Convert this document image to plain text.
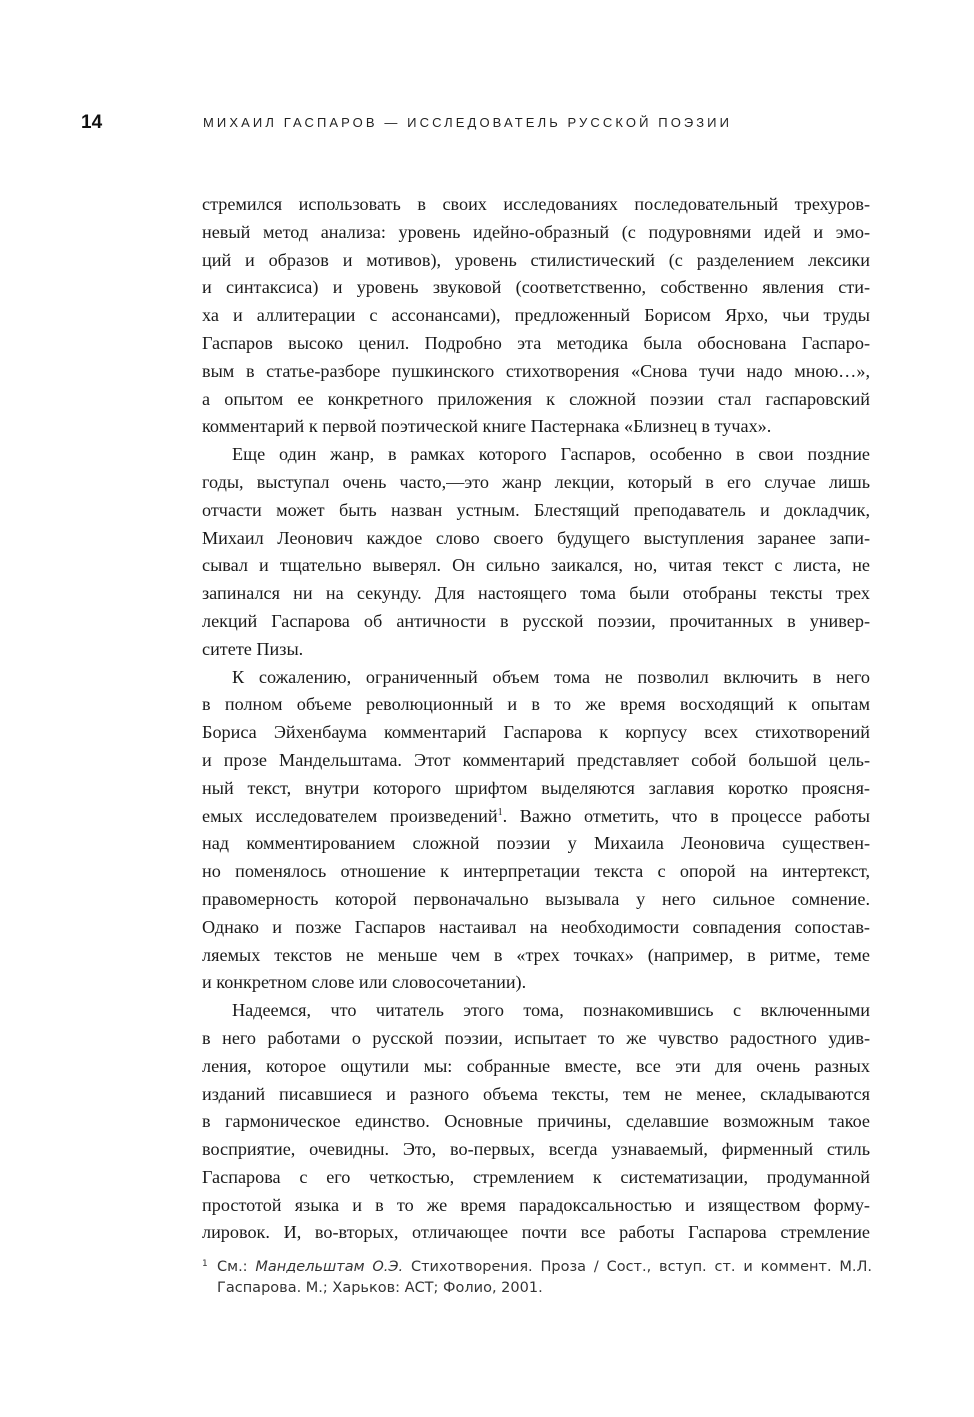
14	МИХАИЛ ГАСПАРОВ — ИССЛЕДОВАТЕЛЬ РУССКОЙ ПОЭЗИИ
стремился использовать в своих исследованиях последовательный трехуров-
невый метод анализа: уровень идейно-образный (с подуровнями идей и эмо-
ций и образов и мотивов), уровень стилистический (с разделением лексики
и синтаксиса) и уровень звуковой (соответственно, собственно явления сти-
ха и аллитерации с ассонансами), предложенный Борисом Ярхо, чьи труды
Гаспаров высоко ценил. Подробно эта методика была обоснована Гаспаро-
вым в статье-разборе пушкинского стихотворения «Снова тучи надо мною…»,
а опытом ее конкретного приложения к сложной поэзии стал гаспаровский
комментарий к первой поэтической книге Пастернака «Близнец в тучах».
Еще один жанр, в рамках которого Гаспаров, особенно в свои поздние
годы, выступал очень часто,—это жанр лекции, который в его случае лишь
отчасти может быть назван устным. Блестящий преподаватель и докладчик,
Михаил Леонович каждое слово своего будущего выступления заранее запи-
сывал и тщательно выверял. Он сильно заикался, но, читая текст с листа, не
запинался ни на секунду. Для настоящего тома были отобраны тексты трех
лекций Гаспарова об античности в русской поэзии, прочитанных в универ-
ситете Пизы.
К сожалению, ограниченный объем тома не позволил включить в него
в полном объеме революционный и в то же время восходящий к опытам
Бориса Эйхенбаума комментарий Гаспарова к корпусу всех стихотворений
и прозе Мандельштама. Этот комментарий представляет собой большой цель-
ный текст, внутри которого шрифтом выделяются заглавия коротко проясня-
емых исследователем произведений$^1$. Важно отметить, что в процессе работы
над комментированием сложной поэзии у Михаила Леоновича существен-
но поменялось отношение к интерпретации текста с опорой на интертекст,
правомерность которой первоначально вызывала у него сильное сомнение.
Однако и позже Гаспаров настаивал на необходимости совпадения сопостав-
ляемых текстов не меньше чем в «трех точках» (например, в ритме, теме
и конкретном слове или словосочетании).
Надеемся, что читатель этого тома, познакомившись с включенными
в него работами о русской поэзии, испытает то же чувство радостного удив-
ления, которое ощутили мы: собранные вместе, все эти для очень разных
изданий писавшиеся и разного объема тексты, тем не менее, складываются
в гармоническое единство. Основные причины, сделавшие возможным такое
восприятие, очевидны. Это, во-первых, всегда узнаваемый, фирменный стиль
Гаспарова с его четкостью, стремлением к систематизации, продуманной
простотой языка и в то же время парадоксальностью и изяществом форму-
лировок. И, во-вторых, отличающее почти все работы Гаспарова стремление
1 См.: Мандельштам О.Э. Стихотворения. Проза / Сост., вступ. ст. и коммент. М.Л. Гаспарова. М.; Харьков: АСТ; Фолио, 2001.
